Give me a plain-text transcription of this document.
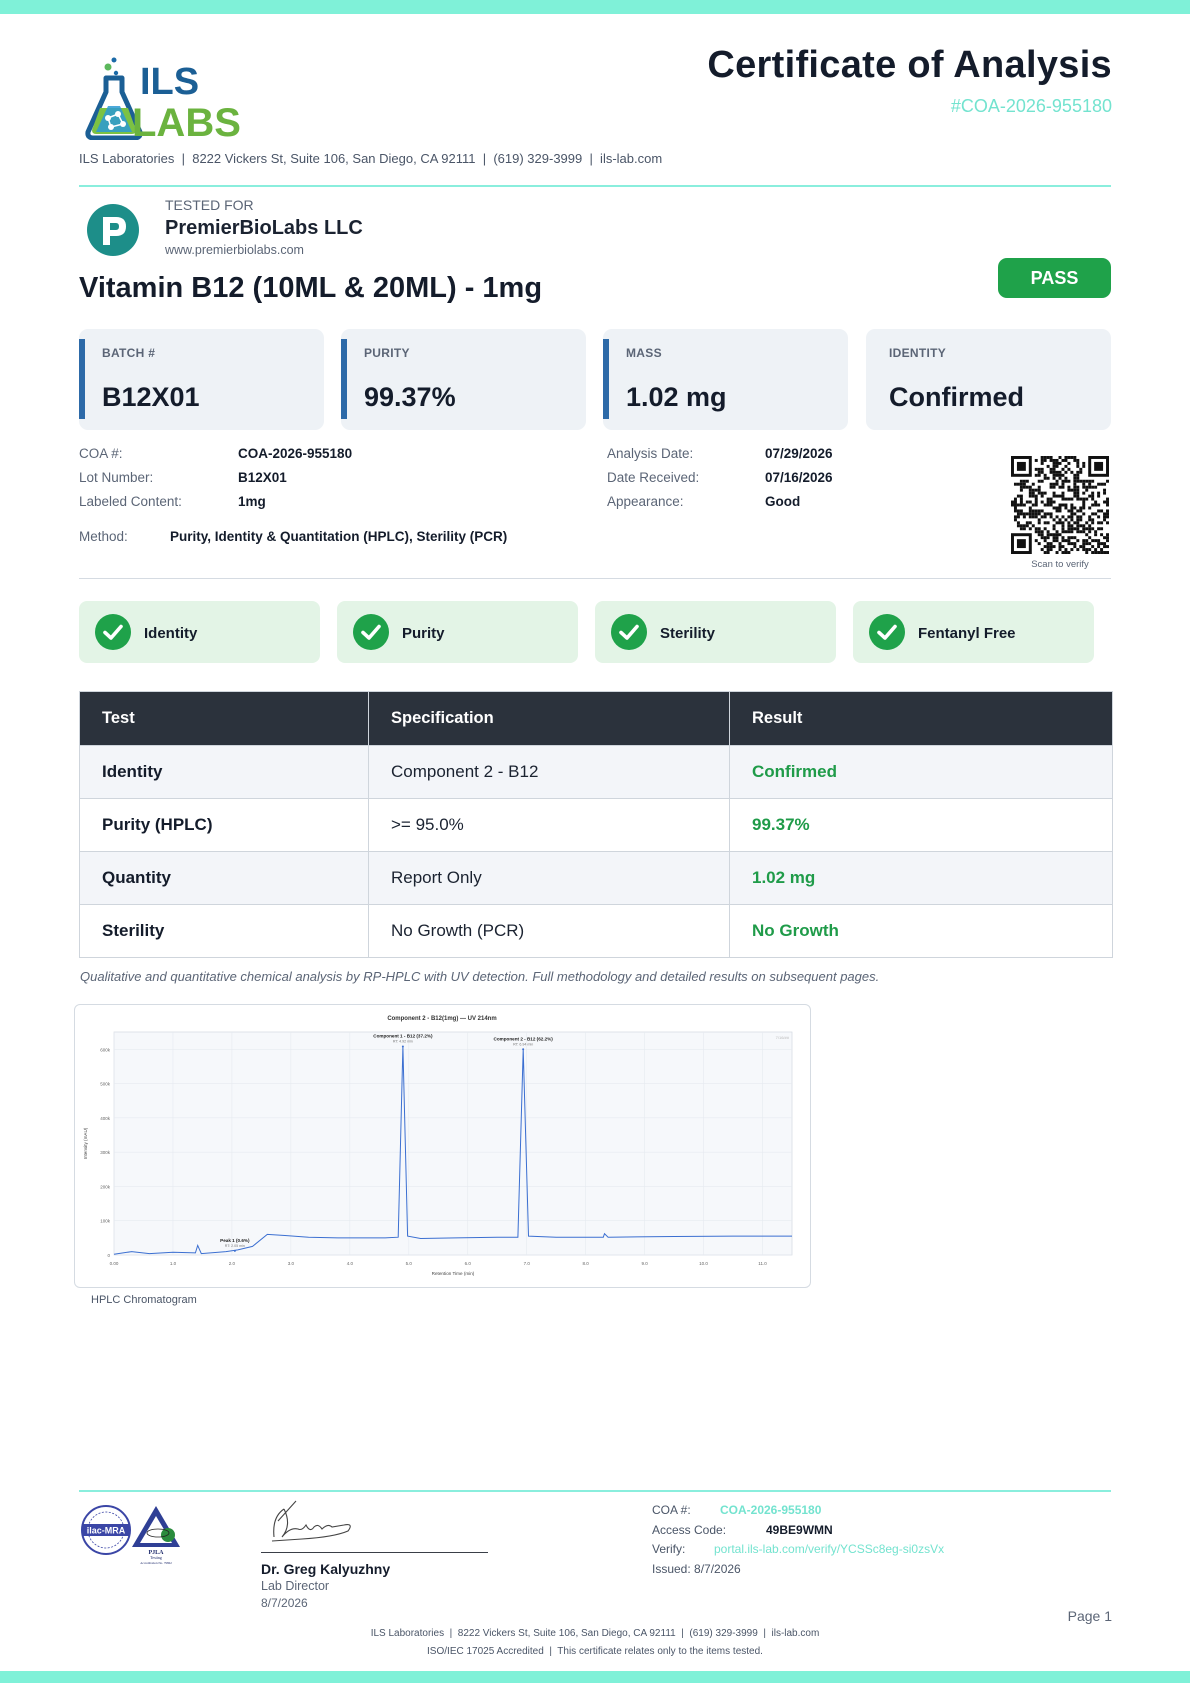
ILS
LABS
Certificate of Analysis
#COA-2026-955180
ILS Laboratories  |  8222 Vickers St, Suite 106, San Diego, CA 92111  |  (619) 329-3999  |  ils-lab.com
TESTED FOR
PremierBioLabs LLC
www.premierbiolabs.com
Vitamin B12 (10ML & 20ML) - 1mg	PASS
BATCH #
B12X01
PURITY
99.37%
MASS
1.02 mg
IDENTITY
Confirmed
COA #:	COA-2026-955180
Lot Number:	B12X01
Labeled Content:	1mg
Analysis Date:	07/29/2026
Date Received:	07/16/2026
Appearance:	Good
Method:	Purity, Identity & Quantitation (HPLC), Sterility (PCR)
Scan to verify
Identity	Purity	Sterility	Fentanyl Free
Test	Specification	Result
Identity	Component 2 - B12	Confirmed
Purity (HPLC)	>= 95.0%	99.37%
Quantity	Report Only	1.02 mg
Sterility	No Growth (PCR)	No Growth
Qualitative and quantitative chemical analysis by RP-HPLC with UV detection. Full methodology and detailed results on subsequent pages.
0
100k
200k
300k
400k
500k
600k
0.00	1.0	2.0	3.0	4.0	5.0	6.0	7.0	8.0	9.0	10.0	11.0
Peak 1 (0.6%)
RT: 2.05 min
Component 1 - B12 (37.2%)
RT: 4.92 min
Component 2 - B12 (62.2%)
RT: 6.94 min
Component 2 - B12(1mg) — UV 214nm
Retention Time (min)
Intensity (mAU)
7/16/##
HPLC Chromatogram
ilac-MRA
PJLA
Testing
Accreditation No. 79862	Dr. Greg Kalyuzhny
Lab Director
8/7/2026
COA #: COA-2026-955180
Access Code:	49BE9WMN
Verify: portal.ils-lab.com/verify/YCSSc8eg-si0zsVx
Issued: 8/7/2026
Page 1
ILS Laboratories  |  8222 Vickers St, Suite 106, San Diego, CA 92111  |  (619) 329-3999  |  ils-lab.com
ISO/IEC 17025 Accredited  |  This certificate relates only to the items tested.
